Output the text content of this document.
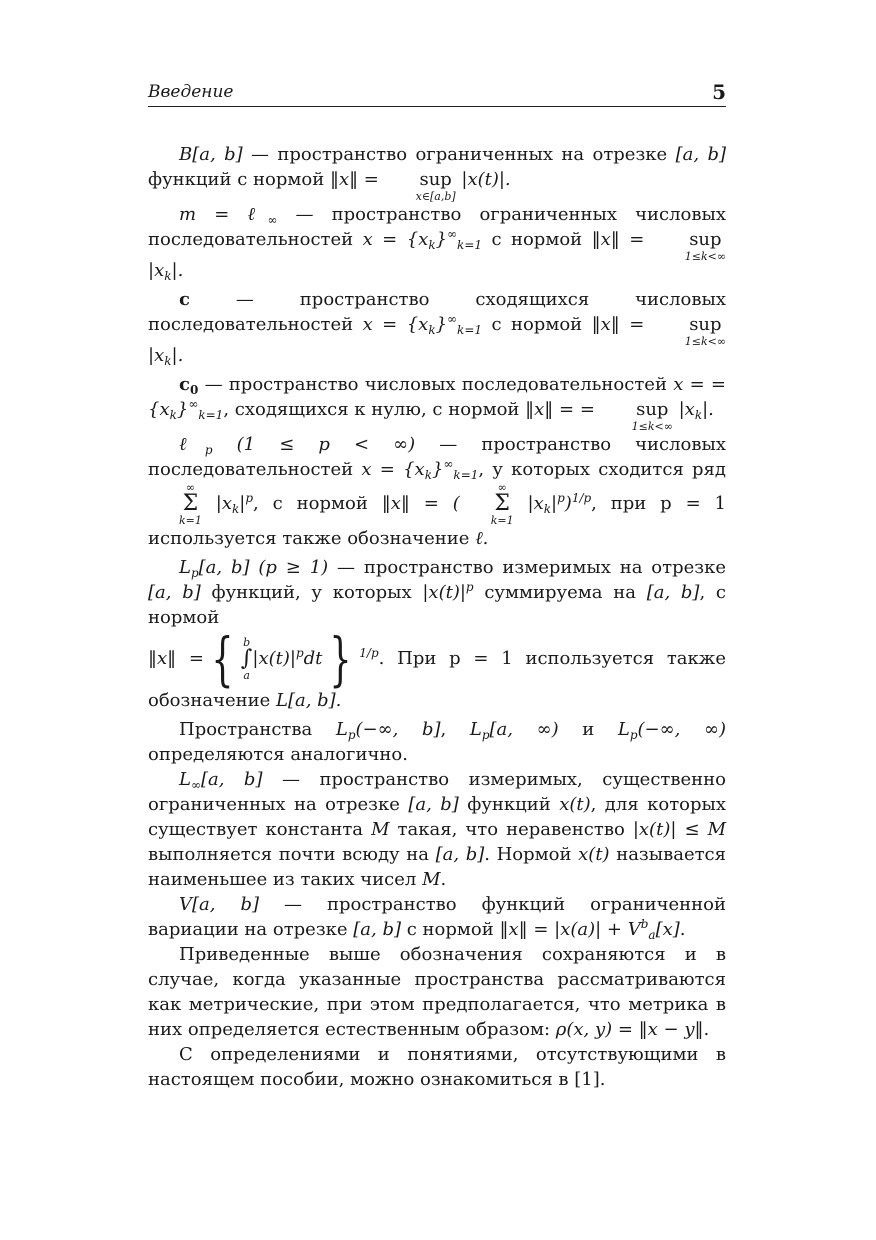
Введение	5

B[a, b] — пространство ограниченных на отрезке [a, b] функций с нормой ‖x‖ =	sup
x∈[a,b]
|x(t)|.

m = ℓ$_\infty$ — пространство ограниченных числовых последовательностей $x = \{x_k\}^\infty_{k=1}$ с нормой ‖x‖ =	sup
1≤k<∞
$|x_k|$.

c — пространство сходящихся числовых последовательностей $x = \{x_k\}^\infty_{k=1}$ с нормой ‖x‖ =	sup
1≤k<∞
$|x_k|$.

$c_0$ — пространство числовых последовательностей x = = $\{x_k\}^\infty_{k=1}$, сходящихся к нулю, с нормой ‖x‖ = =	sup
1≤k<∞
$|x_k|$.

ℓ$_p$ (1 ≤ p < ∞) — пространство числовых последовательностей $x = \{x_k\}^\infty_{k=1}$, у которых сходится ряд
∞
Σ
k=1
$|x_k|^p$, с нормой ‖x‖ = (
∞
Σ
k=1
$|x_k|^p)^{1/p}$, при p = 1 используется также обозначение ℓ.

$L_p[a$, b] (p ≥ 1) — пространство измеримых на отрезке [a, b] функций, у которых $|x(t)|^p$ суммируема на [a, b], с нормой

‖x‖ = { b
∫
a
$|x(t)|^pdt$ } $^{1/p}$. При p = 1 используется также обозначение L[a, b].

Пространства $L_p(-\infty$, b], $L_p[a$, ∞) и $L_p(-\infty$, ∞) определяются аналогично.

$L_\infty[a$, b] — пространство измеримых, существенно ограниченных на отрезке [a, b] функций x(t), для которых существует константа M такая, что неравенство |x(t)| ≤ M выполняется почти всюду на [a, b]. Нормой x(t) называется наименьшее из таких чисел M.

V[a, b] — пространство функций ограниченной вариации на отрезке [a, b] с нормой ‖x‖ = $|x(a)| + V^b_a[x]$.

Приведенные выше обозначения сохраняются и в случае, когда указанные пространства рассматриваются как метрические, при этом предполагается, что метрика в них определяется естественным образом: ρ(x, y) = ‖x − y‖.

С определениями и понятиями, отсутствующими в настоящем пособии, можно ознакомиться в [1].
